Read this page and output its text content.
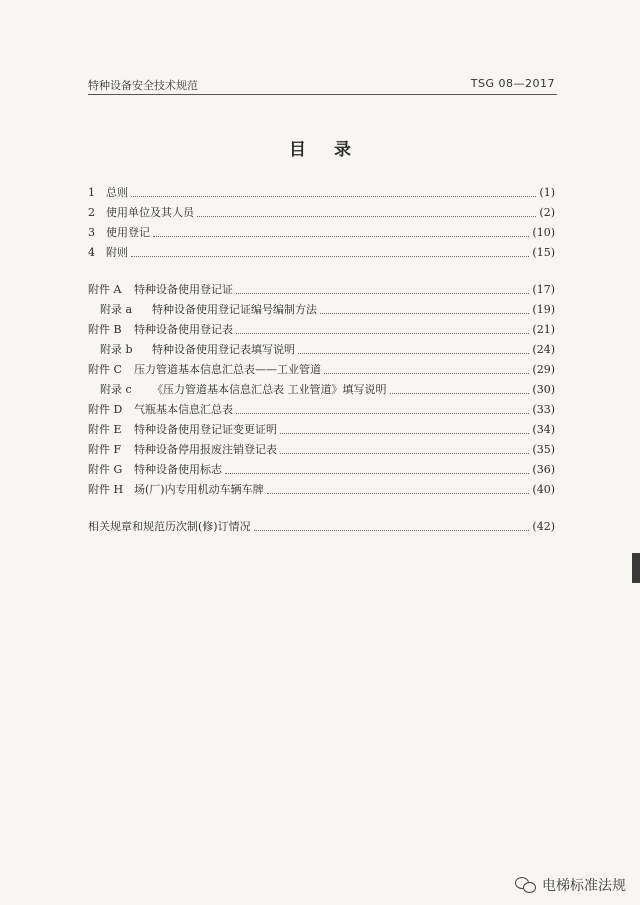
特种设备安全技术规范	TSG 08—2017
目录
1	总则	(1)
2	使用单位及其人员	(2)
3	使用登记	(10)
4	附则	(15)
附件 A	特种设备使用登记证	(17)
附录 a	特种设备使用登记证编号编制方法	(19)
附件 B	特种设备使用登记表	(21)
附录 b	特种设备使用登记表填写说明	(24)
附件 C	压力管道基本信息汇总表——工业管道	(29)
附录 c	《压力管道基本信息汇总表 工业管道》填写说明	(30)
附件 D	气瓶基本信息汇总表	(33)
附件 E	特种设备使用登记证变更证明	(34)
附件 F	特种设备停用报废注销登记表	(35)
附件 G	特种设备使用标志	(36)
附件 H 场(厂)内专用机动车辆车牌	(40)
相关规章和规范历次制(修)订情况	(42)
电梯标准法规
